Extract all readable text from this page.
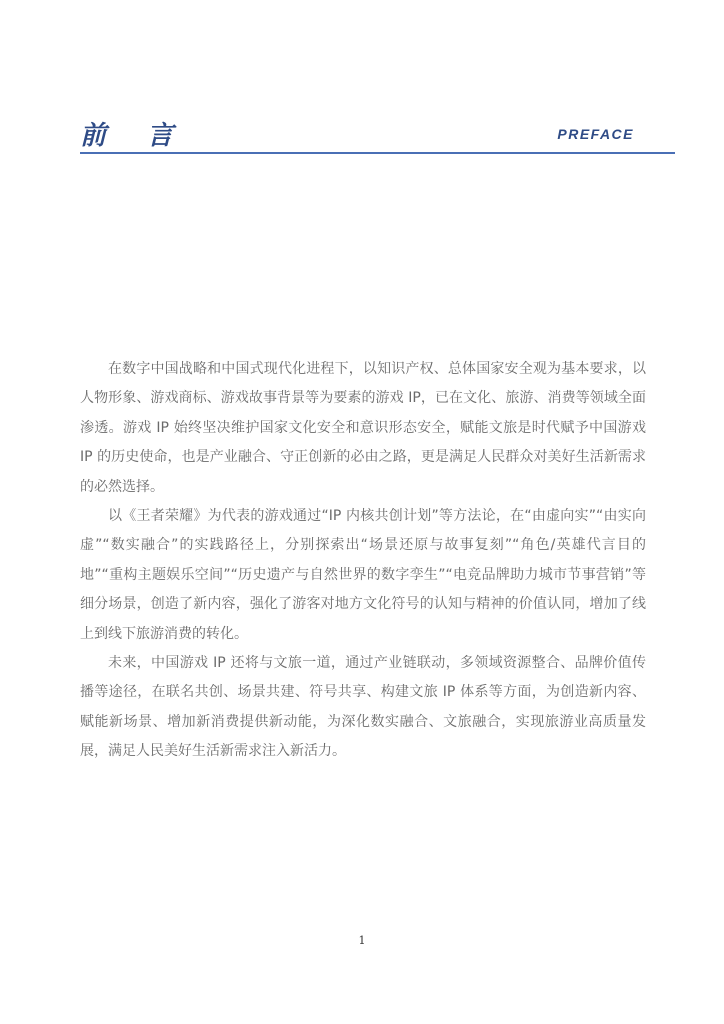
前 言	PREFACE

在数字中国战略和中国式现代化进程下，以知识产权、总体国家安全观为基本要求，以人物形象、游戏商标、游戏故事背景等为要素的游戏 IP，已在文化、旅游、消费等领域全面渗透。游戏 IP 始终坚决维护国家文化安全和意识形态安全，赋能文旅是时代赋予中国游戏 IP 的历史使命，也是产业融合、守正创新的必由之路，更是满足人民群众对美好生活新需求的必然选择。

以《王者荣耀》为代表的游戏通过“IP 内核共创计划”等方法论，在“由虚向实”“由实向虚”“数实融合”的实践路径上，分别探索出“场景还原与故事复刻”“角色/英雄代言目的地”“重构主题娱乐空间”“历史遗产与自然世界的数字孪生”“电竞品牌助力城市节事营销”等细分场景，创造了新内容，强化了游客对地方文化符号的认知与精神的价值认同，增加了线上到线下旅游消费的转化。

未来，中国游戏 IP 还将与文旅一道，通过产业链联动，多领域资源整合、品牌价值传播等途径，在联名共创、场景共建、符号共享、构建文旅 IP 体系等方面，为创造新内容、赋能新场景、增加新消费提供新动能，为深化数实融合、文旅融合，实现旅游业高质量发展，满足人民美好生活新需求注入新活力。

1
